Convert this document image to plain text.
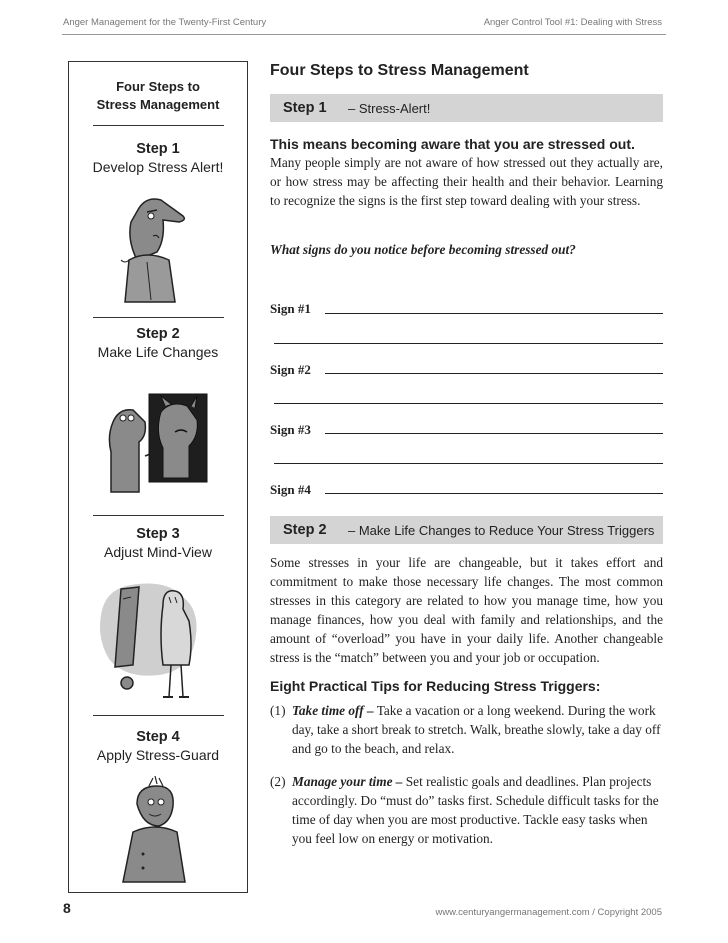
Anger Management for the Twenty-First Century	Anger Control Tool #1: Dealing with Stress
Four Steps to
Stress Management
Step 1
Develop Stress Alert!
Step 2
Make Life Changes
Step 3
Adjust Mind-View
Step 4
Apply Stress-Guard
Four Steps to Stress Management
Step 1 – Stress-Alert!
This means becoming aware that you are stressed out.
Many people simply are not aware of how stressed out they actually are, or how stress may be affecting their health and their behavior. Learning to recognize the signs is the first step toward dealing with your stress.
What signs do you notice before becoming stressed out?
Sign #1
Sign #2
Sign #3
Sign #4
Step 2 – Make Life Changes to Reduce Your Stress Triggers
Some stresses in your life are changeable, but it takes effort and commitment to make those necessary life changes. The most common stresses in this category are related to how you manage time, how you manage finances, how you deal with family and relationships, and the amount of “overload” you have in your daily life. Another changeable stress is the “match” between you and your job or occupation.
Eight Practical Tips for Reducing Stress Triggers:
(1) Take time off – Take a vacation or a long weekend. During the work day, take a short break to stretch. Walk, breathe slowly, take a day off and go to the beach, and relax.
(2) Manage your time – Set realistic goals and deadlines. Plan projects accordingly. Do “must do” tasks first. Schedule difficult tasks for the time of day when you are most productive. Tackle easy tasks when you feel low on energy or motivation.
8	www.centuryangermanagement.com / Copyright 2005
